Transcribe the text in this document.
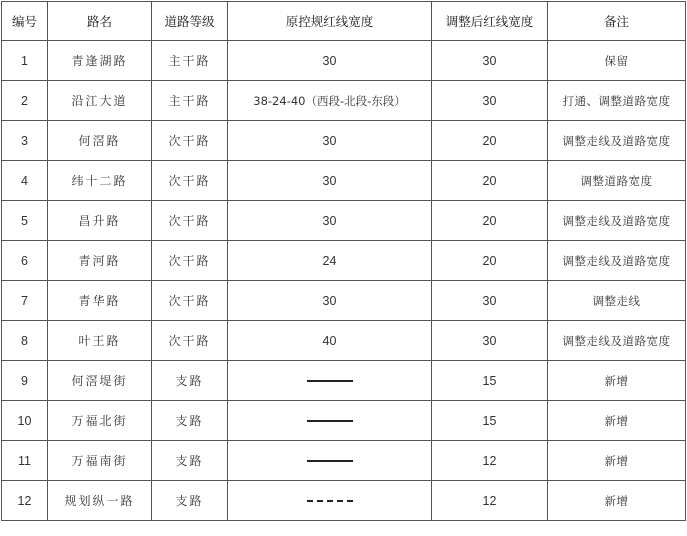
编号	路名	道路等级	原控规红线宽度	调整后红线宽度	备注
1	青逢湖路	主干路	30	30	保留
2	沿江大道	主干路	38-24-40（西段-北段-东段）	30	打通、调整道路宽度
3	何滘路	次干路	30	20	调整走线及道路宽度
4	纬十二路	次干路	30	20	调整道路宽度
5	昌升路	次干路	30	20	调整走线及道路宽度
6	青河路	次干路	24	20	调整走线及道路宽度
7	青华路	次干路	30	30	调整走线
8	叶王路	次干路	40	30	调整走线及道路宽度
9	何滘堤街	支路		15	新增
10	万福北街	支路		15	新增
11	万福南街	支路		12	新增
12	规划纵一路	支路		12	新增
